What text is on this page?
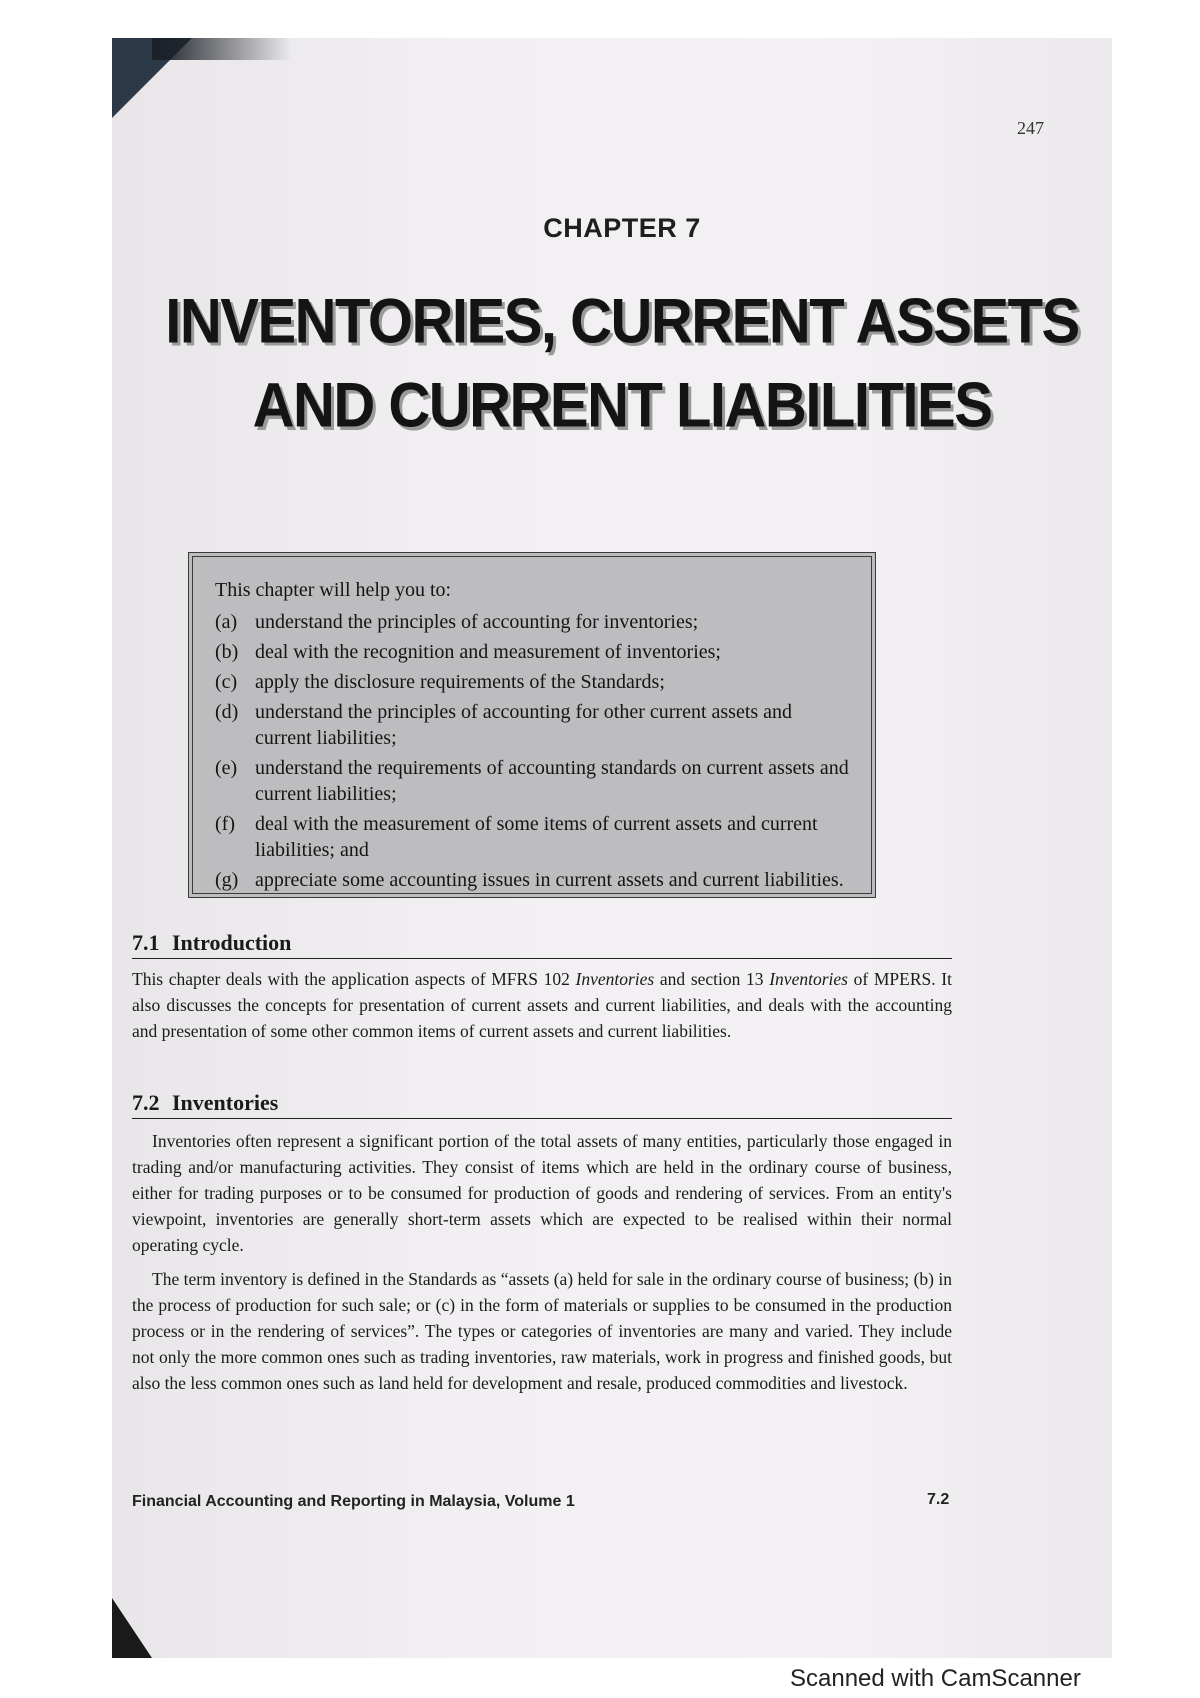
247
CHAPTER 7
INVENTORIES, CURRENT ASSETS
AND CURRENT LIABILITIES

This chapter will help you to:

(a) understand the principles of accounting for inventories;
(b) deal with the recognition and measurement of inventories;
(c) apply the disclosure requirements of the Standards;
(d) understand the principles of accounting for other current assets and current liabilities;
(e) understand the requirements of accounting standards on current assets and current liabilities;
(f)	deal with the measurement of some items of current assets and current liabilities; and
(g) appreciate some accounting issues in current assets and current liabilities.
7.1 Introduction

This chapter deals with the application aspects of MFRS 102 Inventories and section 13 Inventories of MPERS. It also discusses the concepts for presentation of current assets and current liabilities, and deals with the accounting and presentation of some other common items of current assets and current liabilities.

7.2 Inventories

Inventories often represent a significant portion of the total assets of many entities, particularly those engaged in trading and/or manufacturing activities. They consist of items which are held in the ordinary course of business, either for trading purposes or to be consumed for production of goods and rendering of services. From an entity's viewpoint, inventories are generally short-term assets which are expected to be realised within their normal operating cycle.

The term inventory is defined in the Standards as “assets (a) held for sale in the ordinary course of business; (b) in the process of production for such sale; or (c) in the form of materials or supplies to be consumed in the production process or in the rendering of services”. The types or categories of inventories are many and varied. They include not only the more common ones such as trading inventories, raw materials, work in progress and finished goods, but also the less common ones such as land held for development and resale, produced commodities and livestock.

Financial Accounting and Reporting in Malaysia, Volume 1	7.2
Scanned with CamScanner
